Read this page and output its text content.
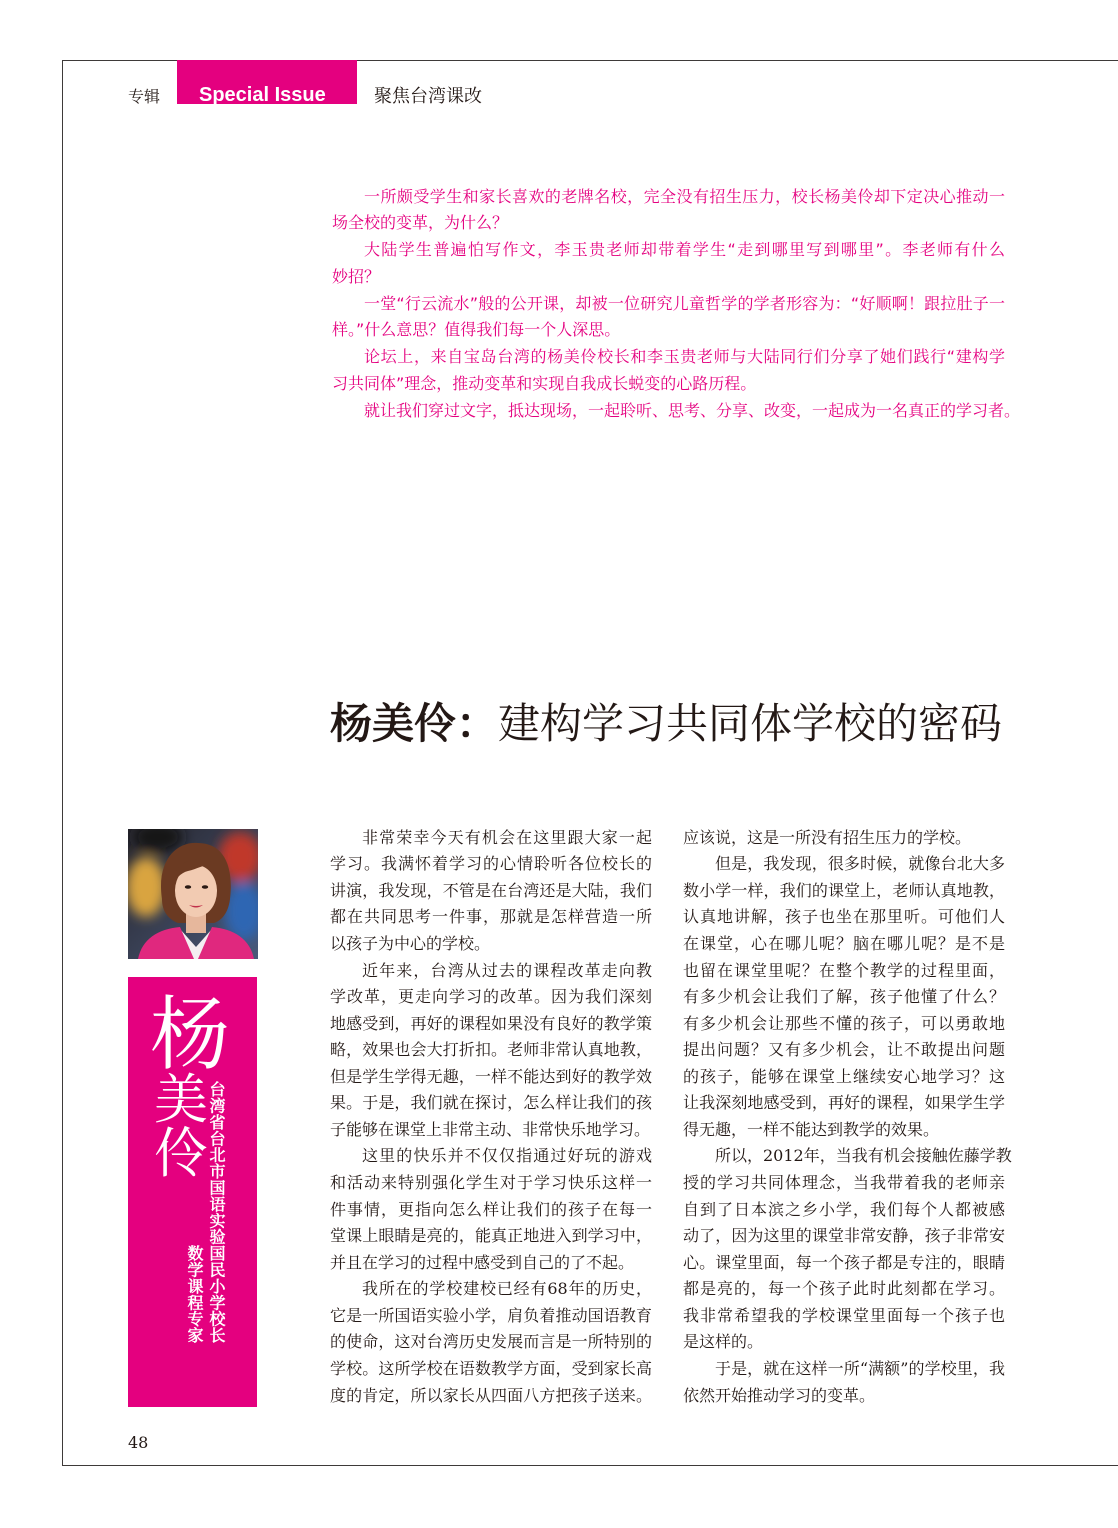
专辑 Special Issue	聚焦台湾课改
一所颇受学生和家长喜欢的老牌名校，完全没有招生压力，校长杨美伶却下定决心推动一
场全校的变革，为什么？
大陆学生普遍怕写作文，李玉贵老师却带着学生“走到哪里写到哪里”。李老师有什么
妙招？
一堂“行云流水”般的公开课，却被一位研究儿童哲学的学者形容为：“好顺啊！跟拉肚子一
样。”什么意思？值得我们每一个人深思。
论坛上，来自宝岛台湾的杨美伶校长和李玉贵老师与大陆同行们分享了她们践行“建构学
习共同体”理念，推动变革和实现自我成长蜕变的心路历程。
就让我们穿过文字，抵达现场，一起聆听、思考、分享、改变，一起成为一名真正的学习者。
杨美伶：建构学习共同体学校的密码
杨
美
伶 台湾省台北市国语实验国民小学校长
数学课程专家
非常荣幸今天有机会在这里跟大家一起
学习。我满怀着学习的心情聆听各位校长的
讲演，我发现，不管是在台湾还是大陆，我们
都在共同思考一件事，那就是怎样营造一所
以孩子为中心的学校。
近年来，台湾从过去的课程改革走向教
学改革，更走向学习的改革。因为我们深刻
地感受到，再好的课程如果没有良好的教学策
略，效果也会大打折扣。老师非常认真地教，
但是学生学得无趣，一样不能达到好的教学效
果。于是，我们就在探讨，怎么样让我们的孩
子能够在课堂上非常主动、非常快乐地学习。
这里的快乐并不仅仅指通过好玩的游戏
和活动来特别强化学生对于学习快乐这样一
件事情，更指向怎么样让我们的孩子在每一
堂课上眼睛是亮的，能真正地进入到学习中，
并且在学习的过程中感受到自己的了不起。
我所在的学校建校已经有68年的历史，
它是一所国语实验小学，肩负着推动国语教育
的使命，这对台湾历史发展而言是一所特别的
学校。这所学校在语数教学方面，受到家长高
度的肯定，所以家长从四面八方把孩子送来。
应该说，这是一所没有招生压力的学校。
但是，我发现，很多时候，就像台北大多
数小学一样，我们的课堂上，老师认真地教，
认真地讲解，孩子也坐在那里听。可他们人
在课堂，心在哪儿呢？脑在哪儿呢？是不是
也留在课堂里呢？在整个教学的过程里面，
有多少机会让我们了解，孩子他懂了什么？
有多少机会让那些不懂的孩子，可以勇敢地
提出问题？又有多少机会，让不敢提出问题
的孩子，能够在课堂上继续安心地学习？这
让我深刻地感受到，再好的课程，如果学生学
得无趣，一样不能达到教学的效果。
所以，2012年，当我有机会接触佐藤学教
授的学习共同体理念，当我带着我的老师亲
自到了日本滨之乡小学，我们每个人都被感
动了，因为这里的课堂非常安静，孩子非常安
心。课堂里面，每一个孩子都是专注的，眼睛
都是亮的，每一个孩子此时此刻都在学习。
我非常希望我的学校课堂里面每一个孩子也
是这样的。
于是，就在这样一所“满额”的学校里，我
依然开始推动学习的变革。
48
